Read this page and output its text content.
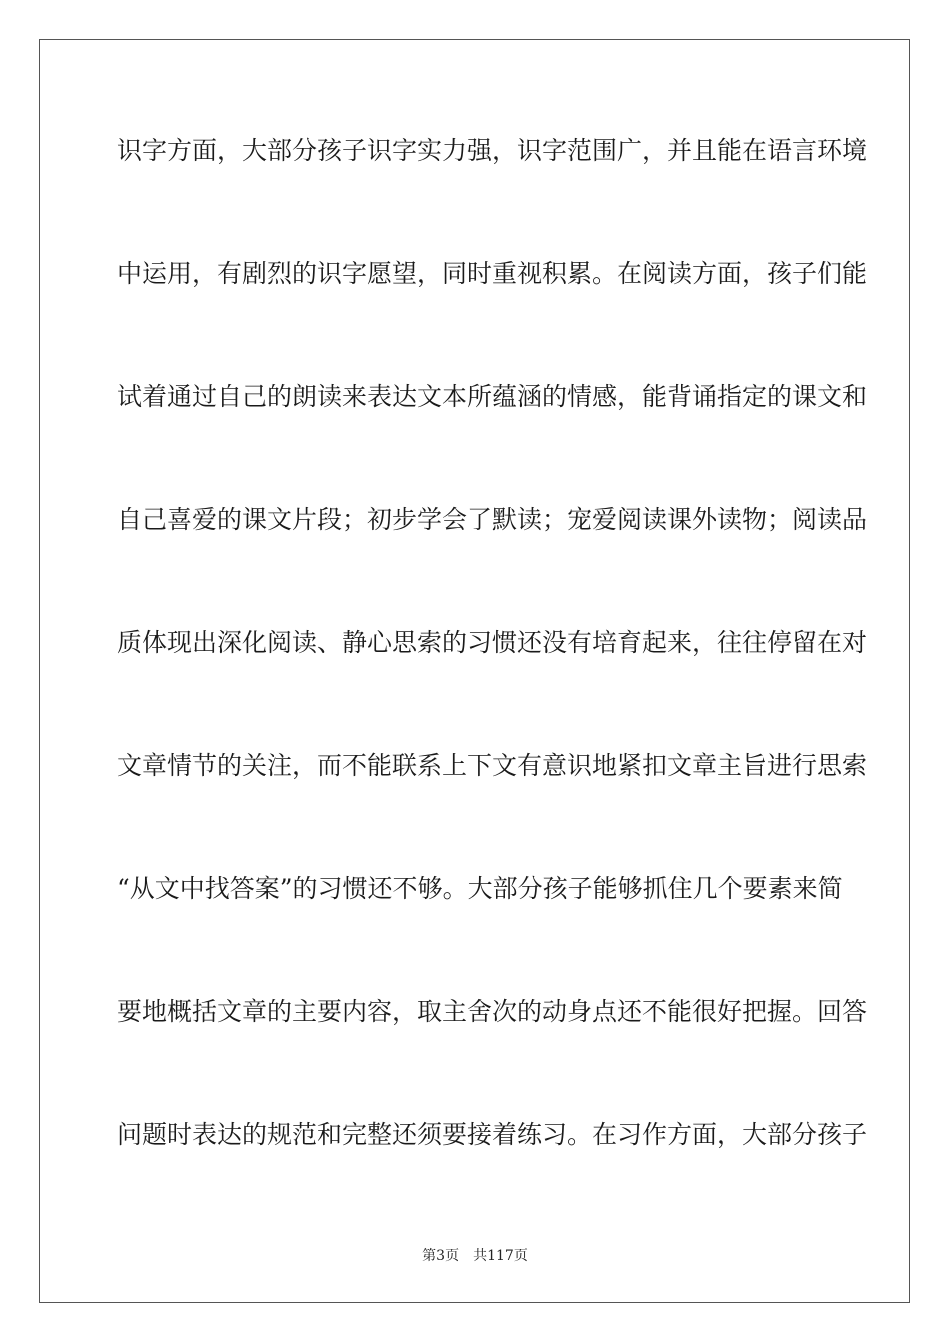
识字方面，大部分孩子识字实力强，识字范围广，并且能在语言环境
中运用，有剧烈的识字愿望，同时重视积累。在阅读方面，孩子们能
试着通过自己的朗读来表达文本所蕴涵的情感，能背诵指定的课文和
自己喜爱的课文片段；初步学会了默读；宠爱阅读课外读物；阅读品
质体现出深化阅读、静心思索的习惯还没有培育起来，往往停留在对
文章情节的关注，而不能联系上下文有意识地紧扣文章主旨进行思索
“从文中找答案”的习惯还不够。大部分孩子能够抓住几个要素来简
要地概括文章的主要内容，取主舍次的动身点还不能很好把握。回答
问题时表达的规范和完整还须要接着练习。在习作方面，大部分孩子
第3页 共117页
